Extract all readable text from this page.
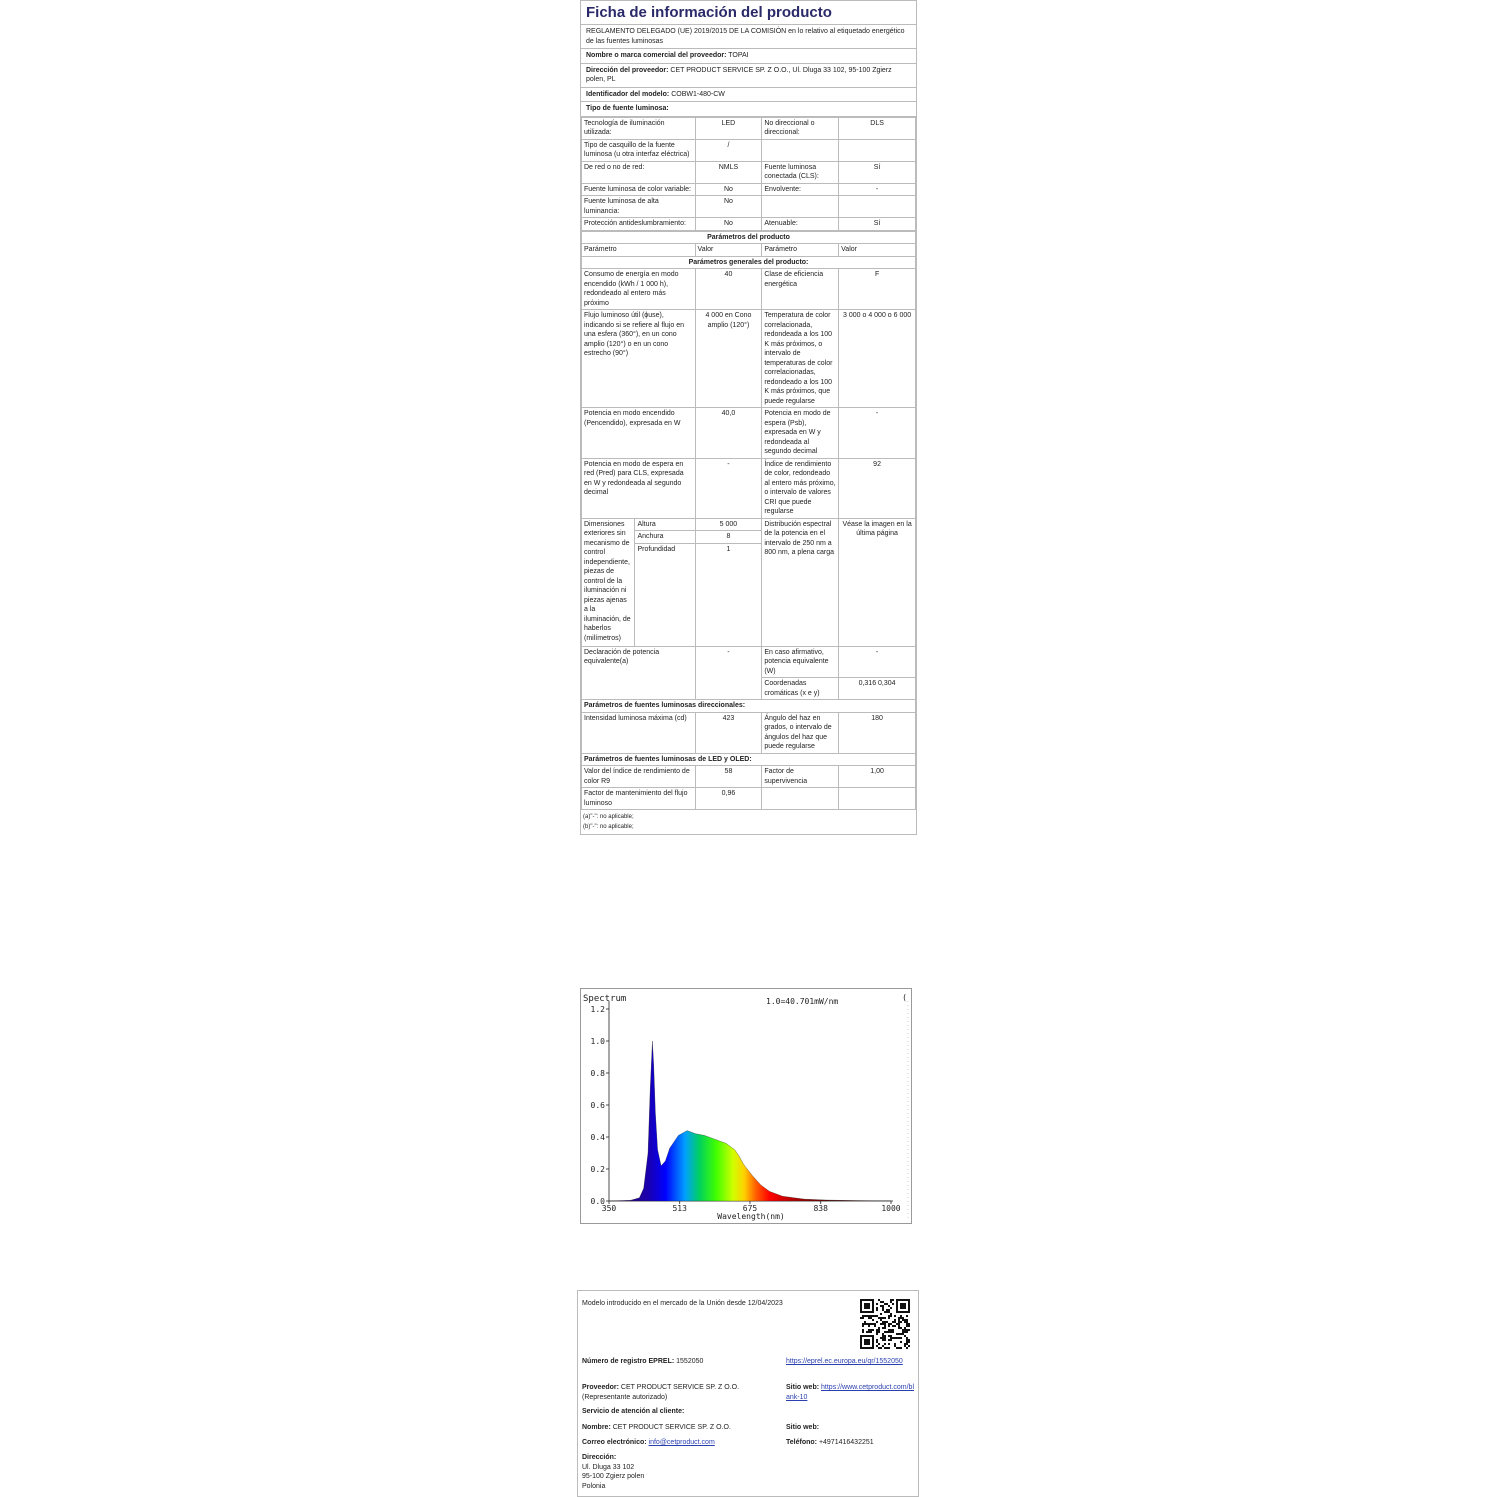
Ficha de información del producto
REGLAMENTO DELEGADO (UE) 2019/2015 DE LA COMISIÓN en lo relativo al etiquetado energético de las fuentes luminosas
Nombre o marca comercial del proveedor: TOPAI
Dirección del proveedor: CET PRODUCT SERVICE SP. Z O.O., Ul. Dluga 33 102, 95-100 Zgierz polen, PL
Identificador del modelo: COBW1-480-CW
Tipo de fuente luminosa:
Tecnología de iluminación utilizada:	LED	No direccional o direccional:	DLS
Tipo de casquillo de la fuente luminosa (u otra interfaz eléctrica)	/		
De red o no de red:	NMLS	Fuente luminosa conectada (CLS):	Sí
Fuente luminosa de color variable:	No	Envolvente:	-
Fuente luminosa de alta luminancia:	No		
Protección antideslumbramiento:	No	Atenuable:	Sí
Parámetros del producto				
Parámetro		Valor	Parámetro	Valor
Parámetros generales del producto:				
Consumo de energía en modo encendido (kWh / 1 000 h), redondeado al entero más próximo		40	Clase de eficiencia energética	F
Flujo luminoso útil (ϕuse), indicando si se refiere al flujo en una esfera (360°), en un cono amplio (120°) o en un cono estrecho (90°)		4 000 en Cono amplio (120°)	Temperatura de color correlacionada, redondeada a los 100 K más próximos, o intervalo de temperaturas de color correlacionadas, redondeado a los 100 K más próximos, que puede regularse	3 000 o 4 000 o 6 000
Potencia en modo encendido (Pencendido), expresada en W		40,0	Potencia en modo de espera (Psb), expresada en W y redondeada al segundo decimal	-
Potencia en modo de espera en red (Pred) para CLS, expresada en W y redondeada al segundo decimal		-	Índice de rendimiento de color, redondeado al entero más próximo, o intervalo de valores CRI que puede regularse	92
Dimensiones exteriores sin mecanismo de control independiente, piezas de control de la iluminación ni piezas ajenas a la iluminación, de haberlos (milímetros)	Altura	5 000	Distribución espectral de la potencia en el intervalo de 250 nm a 800 nm, a plena carga	Véase la imagen en la última página
	Anchura	8		
	Profundidad	1		
Declaración de potencia equivalente(a)		-	En caso afirmativo, potencia equivalente (W)	-
			Coordenadas cromáticas (x e y)	0,316 0,304
Parámetros de fuentes luminosas direccionales:				
Intensidad luminosa máxima (cd)		423	Ángulo del haz en grados, o intervalo de ángulos del haz que puede regularse	180
Parámetros de fuentes luminosas de LED y OLED:				
Valor del índice de rendimiento de color R9		58	Factor de supervivencia	1,00
Factor de mantenimiento del flujo luminoso		0,96		
(a)"-": no aplicable;
(b)"-": no aplicable;
Spectrum	1.0=40.701mW/nm	(
0.0
0.2
0.4
0.6
0.8
1.0
1.2
350	513	675	838	1000
Wavelength(nm)
Modelo introducido en el mercado de la Unión desde 12/04/2023
Número de registro EPREL: 1552050	https://eprel.ec.europa.eu/qr/1552050
Proveedor: CET PRODUCT SERVICE SP. Z O.O. (Representante autorizado)
Sitio web: https://www.cetproduct.com/blank-10
Servicio de atención al cliente:
Nombre: CET PRODUCT SERVICE SP. Z O.O.	Sitio web:
Correo electrónico: info@cetproduct.com	Teléfono: +4971416432251
Dirección:
Ul. Dluga 33 102
95-100 Zgierz polen
Polonia
